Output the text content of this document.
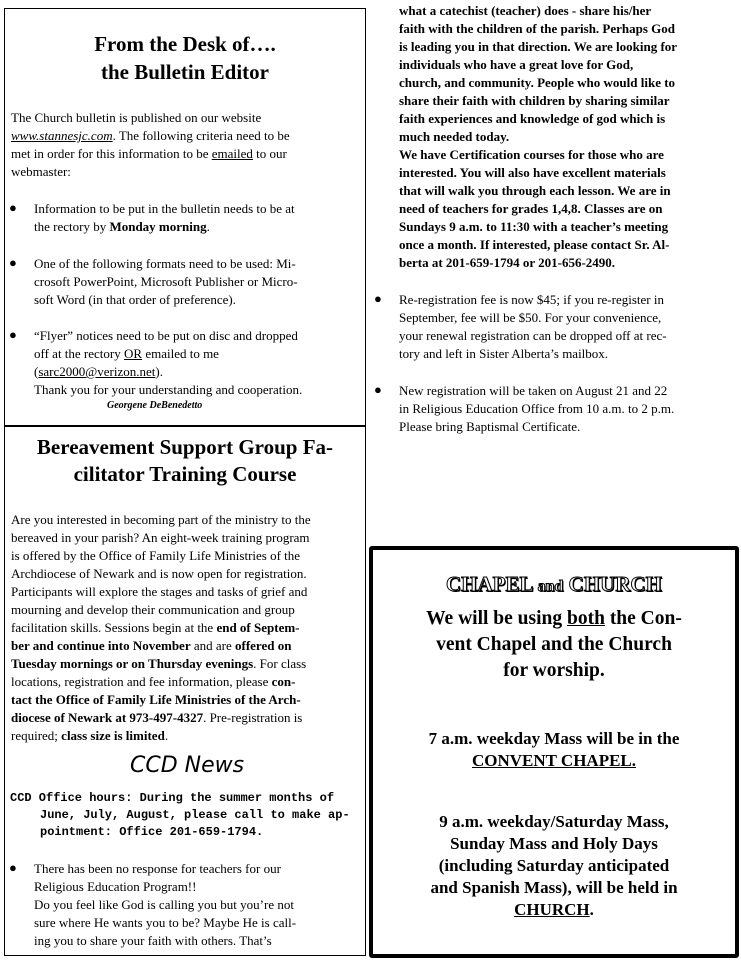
From the Desk of….
the Bulletin Editor
The Church bulletin is published on our website
www.stannesjc.com. The following criteria need to be
met in order for this information to be emailed to our
webmaster:
● Information to be put in the bulletin needs to be at
the rectory by Monday morning.
● One of the following formats need to be used: Mi-
crosoft PowerPoint, Microsoft Publisher or Micro-
soft Word (in that order of preference).
● “Flyer” notices need to be put on disc and dropped
off at the rectory OR emailed to me
(sarc2000@verizon.net).
Thank you for your understanding and cooperation.
Georgene DeBenedetto
Bereavement Support Group Fa-
cilitator Training Course
Are you interested in becoming part of the ministry to the
bereaved in your parish? An eight-week training program
is offered by the Office of Family Life Ministries of the
Archdiocese of Newark and is now open for registration.
Participants will explore the stages and tasks of grief and
mourning and develop their communication and group
facilitation skills. Sessions begin at the end of Septem-
ber and continue into November and are offered on
Tuesday mornings or on Thursday evenings. For class
locations, registration and fee information, please con-
tact the Office of Family Life Ministries of the Arch-
diocese of Newark at 973-497-4327. Pre-registration is
required; class size is limited.
CCD News
CCD Office hours: During the summer months of
June, July, August, please call to make ap-
pointment: Office 201-659-1794.
● There has been no response for teachers for our
Religious Education Program!!
Do you feel like God is calling you but you’re not
sure where He wants you to be? Maybe He is call-
ing you to share your faith with others. That’s
what a catechist (teacher) does - share his/her
faith with the children of the parish. Perhaps God
is leading you in that direction. We are looking for
individuals who have a great love for God,
church, and community. People who would like to
share their faith with children by sharing similar
faith experiences and knowledge of god which is
much needed today.
We have Certification courses for those who are
interested. You will also have excellent materials
that will walk you through each lesson. We are in
need of teachers for grades 1,4,8. Classes are on
Sundays 9 a.m. to 11:30 with a teacher’s meeting
once a month. If interested, please contact Sr. Al-
berta at 201-659-1794 or 201-656-2490.
● Re-registration fee is now $45; if you re-register in
September, fee will be $50. For your convenience,
your renewal registration can be dropped off at rec-
tory and left in Sister Alberta’s mailbox.
● New registration will be taken on August 21 and 22
in Religious Education Office from 10 a.m. to 2 p.m.
Please bring Baptismal Certificate.
CHAPEL and CHURCH
We will be using both the Con-
vent Chapel and the Church
for worship.
7 a.m. weekday Mass will be in the
CONVENT CHAPEL.
9 a.m. weekday/Saturday Mass,
Sunday Mass and Holy Days
(including Saturday anticipated
and Spanish Mass), will be held in
CHURCH.
